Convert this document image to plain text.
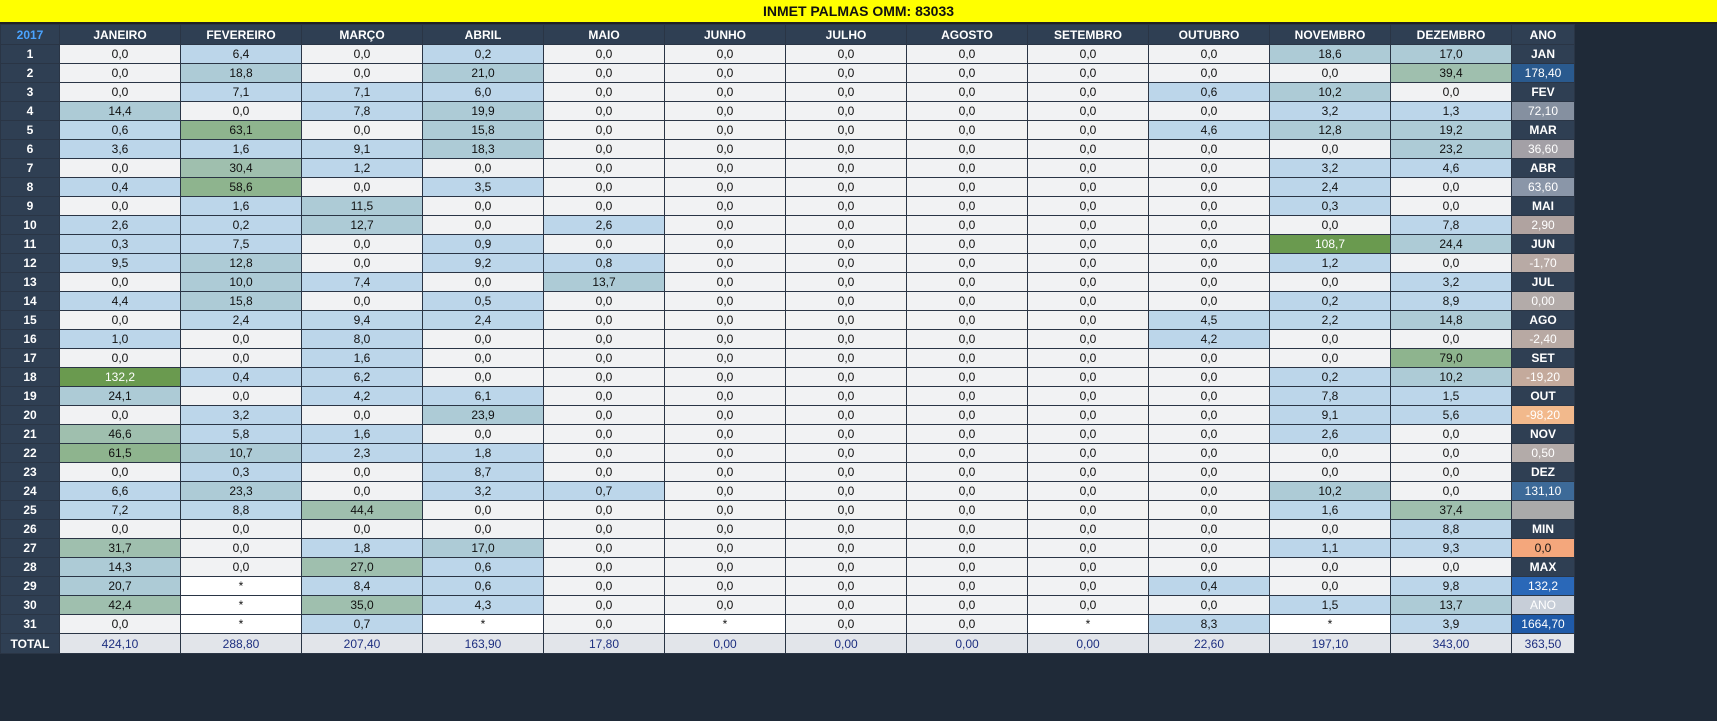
INMET PALMAS OMM: 83033
2017	JANEIRO	FEVEREIRO	MARÇO	ABRIL	MAIO	JUNHO	JULHO	AGOSTO	SETEMBRO	OUTUBRO	NOVEMBRO	DEZEMBRO	ANO
1	0,0	6,4	0,0	0,2	0,0	0,0	0,0	0,0	0,0	0,0	18,6	17,0	JAN
2	0,0	18,8	0,0	21,0	0,0	0,0	0,0	0,0	0,0	0,0	0,0	39,4	178,40
3	0,0	7,1	7,1	6,0	0,0	0,0	0,0	0,0	0,0	0,6	10,2	0,0	FEV
4	14,4	0,0	7,8	19,9	0,0	0,0	0,0	0,0	0,0	0,0	3,2	1,3	72,10
5	0,6	63,1	0,0	15,8	0,0	0,0	0,0	0,0	0,0	4,6	12,8	19,2	MAR
6	3,6	1,6	9,1	18,3	0,0	0,0	0,0	0,0	0,0	0,0	0,0	23,2	36,60
7	0,0	30,4	1,2	0,0	0,0	0,0	0,0	0,0	0,0	0,0	3,2	4,6	ABR
8	0,4	58,6	0,0	3,5	0,0	0,0	0,0	0,0	0,0	0,0	2,4	0,0	63,60
9	0,0	1,6	11,5	0,0	0,0	0,0	0,0	0,0	0,0	0,0	0,3	0,0	MAI
10	2,6	0,2	12,7	0,0	2,6	0,0	0,0	0,0	0,0	0,0	0,0	7,8	2,90
11	0,3	7,5	0,0	0,9	0,0	0,0	0,0	0,0	0,0	0,0	108,7	24,4	JUN
12	9,5	12,8	0,0	9,2	0,8	0,0	0,0	0,0	0,0	0,0	1,2	0,0	-1,70
13	0,0	10,0	7,4	0,0	13,7	0,0	0,0	0,0	0,0	0,0	0,0	3,2	JUL
14	4,4	15,8	0,0	0,5	0,0	0,0	0,0	0,0	0,0	0,0	0,2	8,9	0,00
15	0,0	2,4	9,4	2,4	0,0	0,0	0,0	0,0	0,0	4,5	2,2	14,8	AGO
16	1,0	0,0	8,0	0,0	0,0	0,0	0,0	0,0	0,0	4,2	0,0	0,0	-2,40
17	0,0	0,0	1,6	0,0	0,0	0,0	0,0	0,0	0,0	0,0	0,0	79,0	SET
18	132,2	0,4	6,2	0,0	0,0	0,0	0,0	0,0	0,0	0,0	0,2	10,2	-19,20
19	24,1	0,0	4,2	6,1	0,0	0,0	0,0	0,0	0,0	0,0	7,8	1,5	OUT
20	0,0	3,2	0,0	23,9	0,0	0,0	0,0	0,0	0,0	0,0	9,1	5,6	-98,20
21	46,6	5,8	1,6	0,0	0,0	0,0	0,0	0,0	0,0	0,0	2,6	0,0	NOV
22	61,5	10,7	2,3	1,8	0,0	0,0	0,0	0,0	0,0	0,0	0,0	0,0	0,50
23	0,0	0,3	0,0	8,7	0,0	0,0	0,0	0,0	0,0	0,0	0,0	0,0	DEZ
24	6,6	23,3	0,0	3,2	0,7	0,0	0,0	0,0	0,0	0,0	10,2	0,0	131,10
25	7,2	8,8	44,4	0,0	0,0	0,0	0,0	0,0	0,0	0,0	1,6	37,4	
26	0,0	0,0	0,0	0,0	0,0	0,0	0,0	0,0	0,0	0,0	0,0	8,8	MIN
27	31,7	0,0	1,8	17,0	0,0	0,0	0,0	0,0	0,0	0,0	1,1	9,3	0,0
28	14,3	0,0	27,0	0,6	0,0	0,0	0,0	0,0	0,0	0,0	0,0	0,0	MAX
29	20,7	*	8,4	0,6	0,0	0,0	0,0	0,0	0,0	0,4	0,0	9,8	132,2
30	42,4	*	35,0	4,3	0,0	0,0	0,0	0,0	0,0	0,0	1,5	13,7	ANO
31	0,0	*	0,7	*	0,0	*	0,0	0,0	*	8,3	*	3,9	1664,70
TOTAL	424,10	288,80	207,40	163,90	17,80	0,00	0,00	0,00	0,00	22,60	197,10	343,00	363,50
